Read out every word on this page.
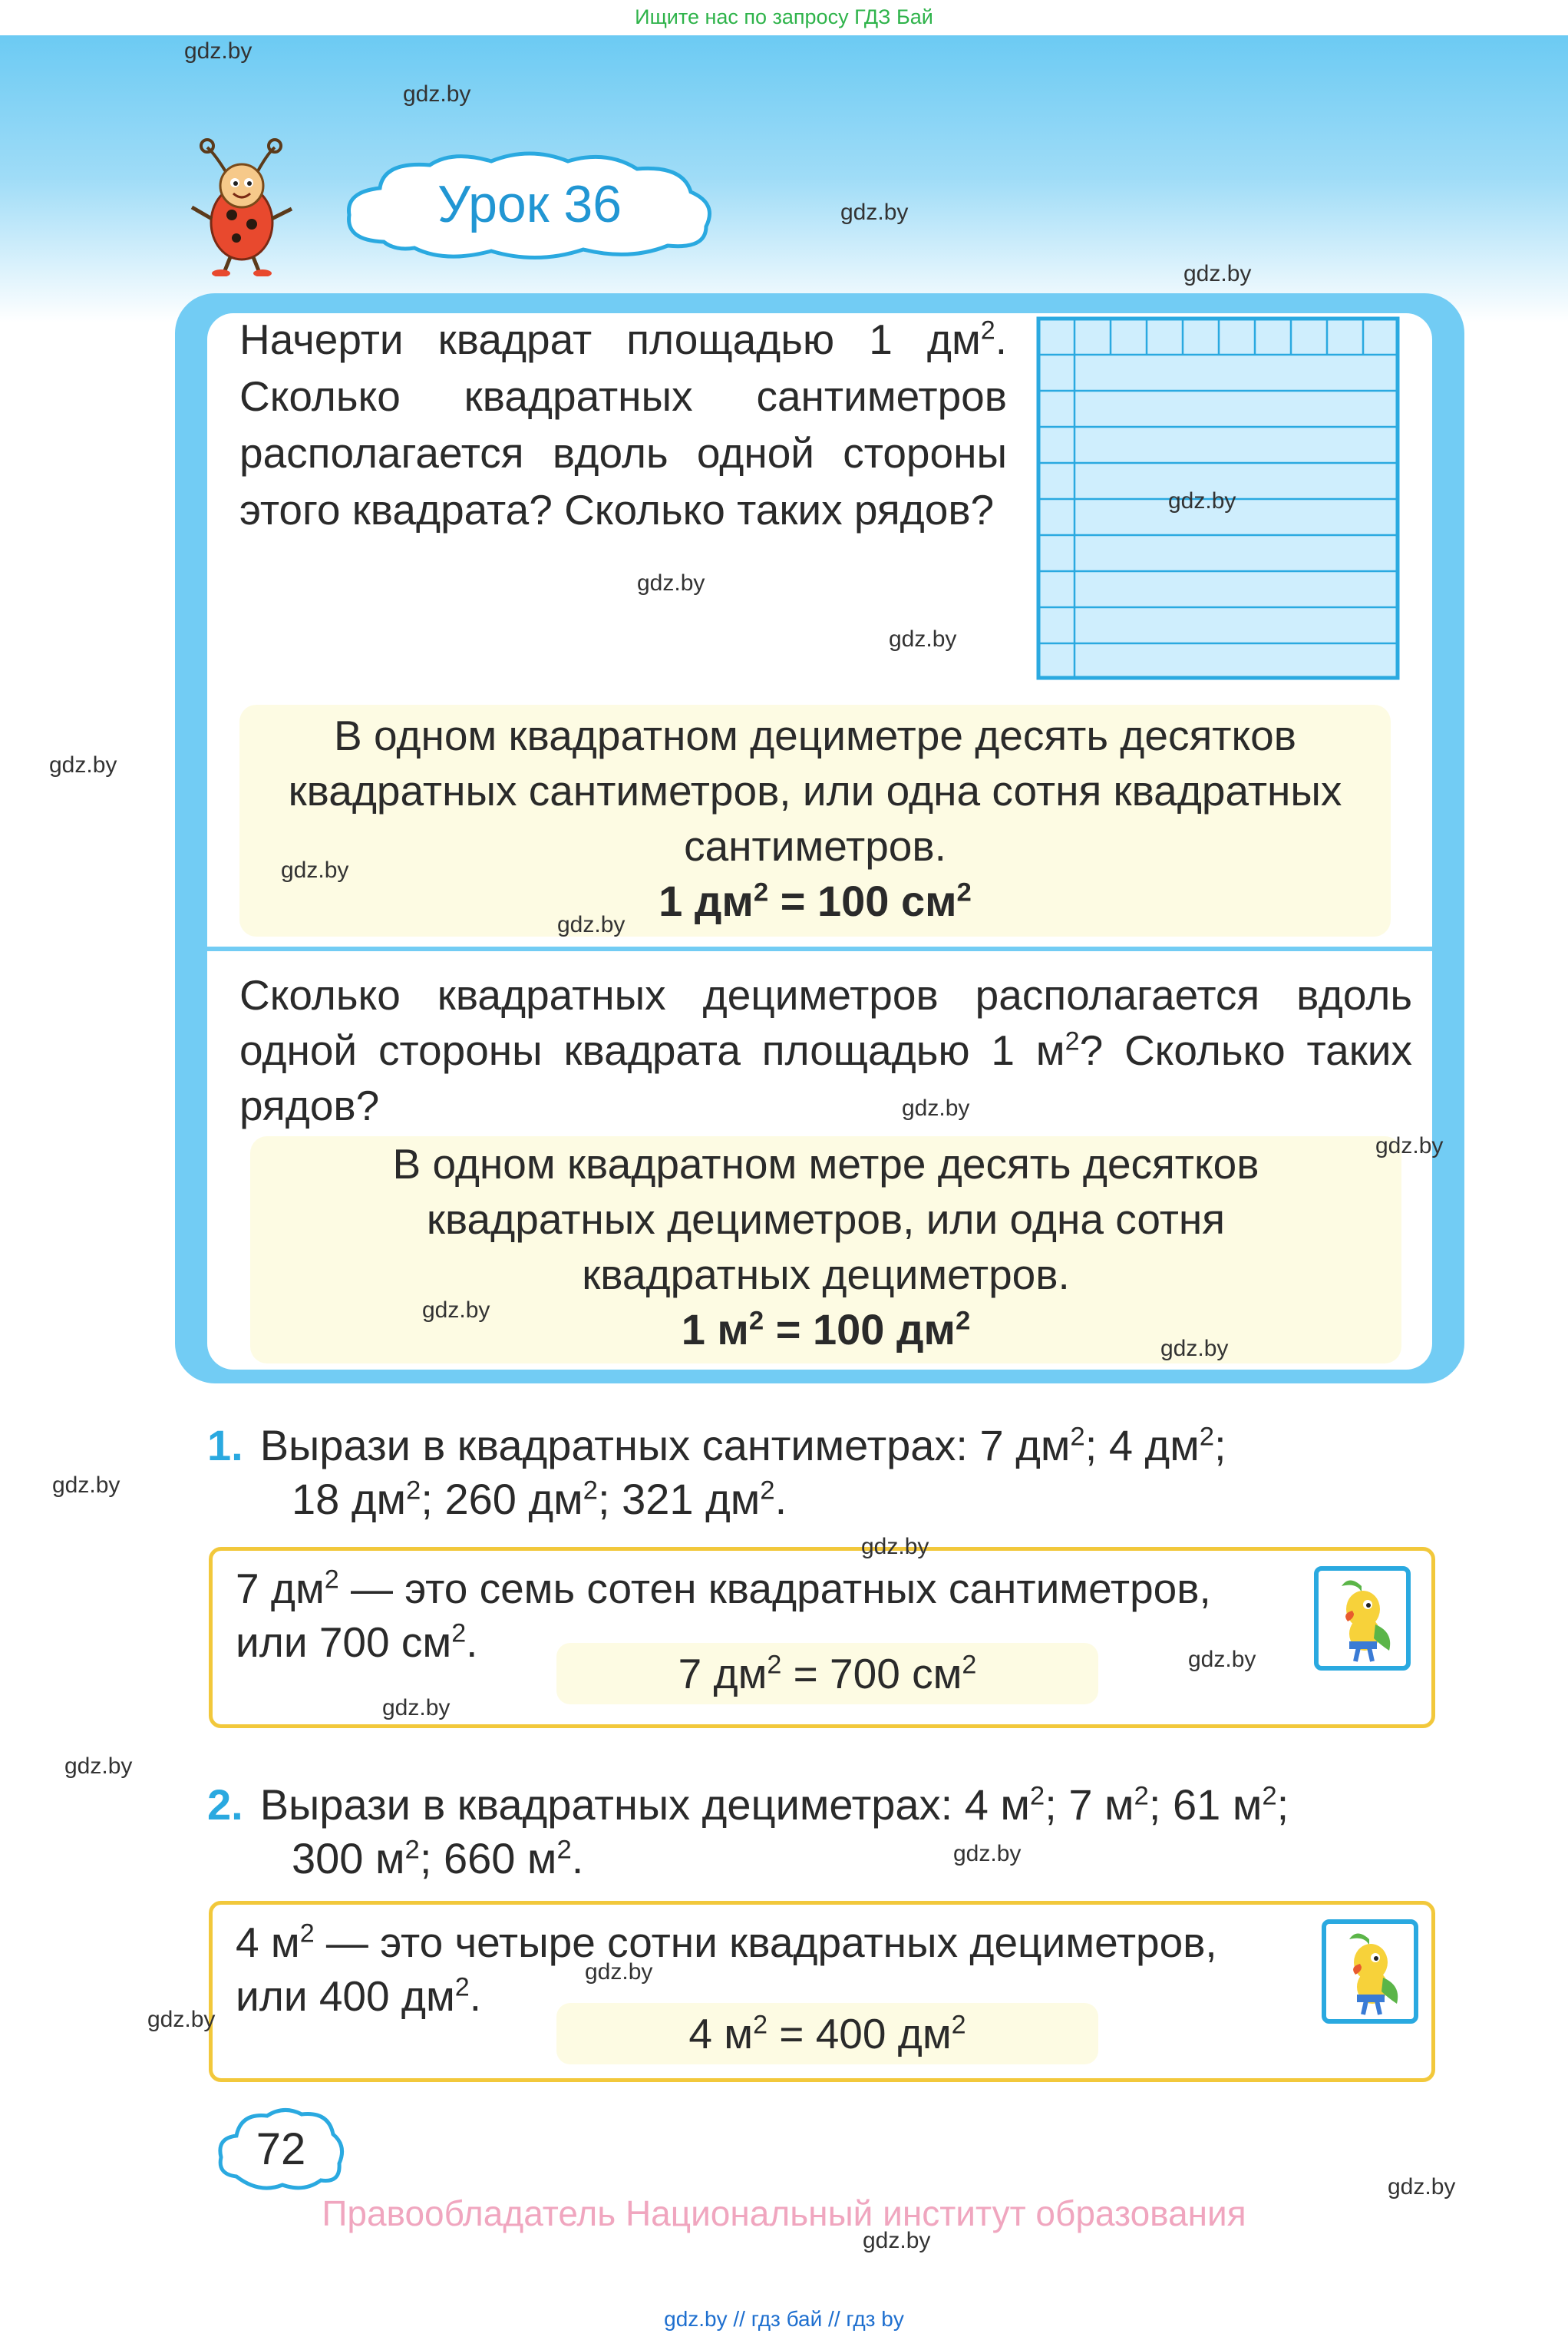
Ищите нас по запросу ГДЗ Бай
Урок 36
Начерти квадрат площадью 1 $дм^2$. Сколько квадратных сантиметров располагается вдоль одной стороны этого квадрата? Сколько таких рядов?
В одном квадратном дециметре десять десятков квадратных сантиметров, или одна сотня квадратных сантиметров.
1 $дм^2 = 100$ $см^2$
Сколько квадратных дециметров располагается вдоль одной стороны квадрата площадью 1 $м^2$? Сколько таких рядов?
В одном квадратном метре десять десятков квадратных дециметров, или одна сотня квадратных дециметров.
1 $м^2 = 100$ $дм^2$
1. Вырази в квадратных сантиметрах: 7 $дм^2$; 4 $дм^2$;
18 $дм^2$; 260 $дм^2$; 321 $дм^2$.
7 $дм^2$ — это семь сотен квадратных сантиметров,
или 700 $см^2$.
7 $дм^2 = 700$ $см^2$
2. Вырази в квадратных дециметрах: 4 $м^2$; 7 $м^2$; 61 $м^2$;
300 $м^2$; 660 $м^2$.
4 $м^2$ — это четыре сотни квадратных дециметров,
или 400 $дм^2$.
4 $м^2 = 400$ $дм^2$
72
Правообладатель Национальный институт образования
gdz.by // гдз бай // гдз by
gdz.by
gdz.by
gdz.by
gdz.by
gdz.by
gdz.by
gdz.by
gdz.by
gdz.by
gdz.by
gdz.by
gdz.by
gdz.by
gdz.by
gdz.by
gdz.by
gdz.by
gdz.by
gdz.by
gdz.by
gdz.by
gdz.by
gdz.by
gdz.by
